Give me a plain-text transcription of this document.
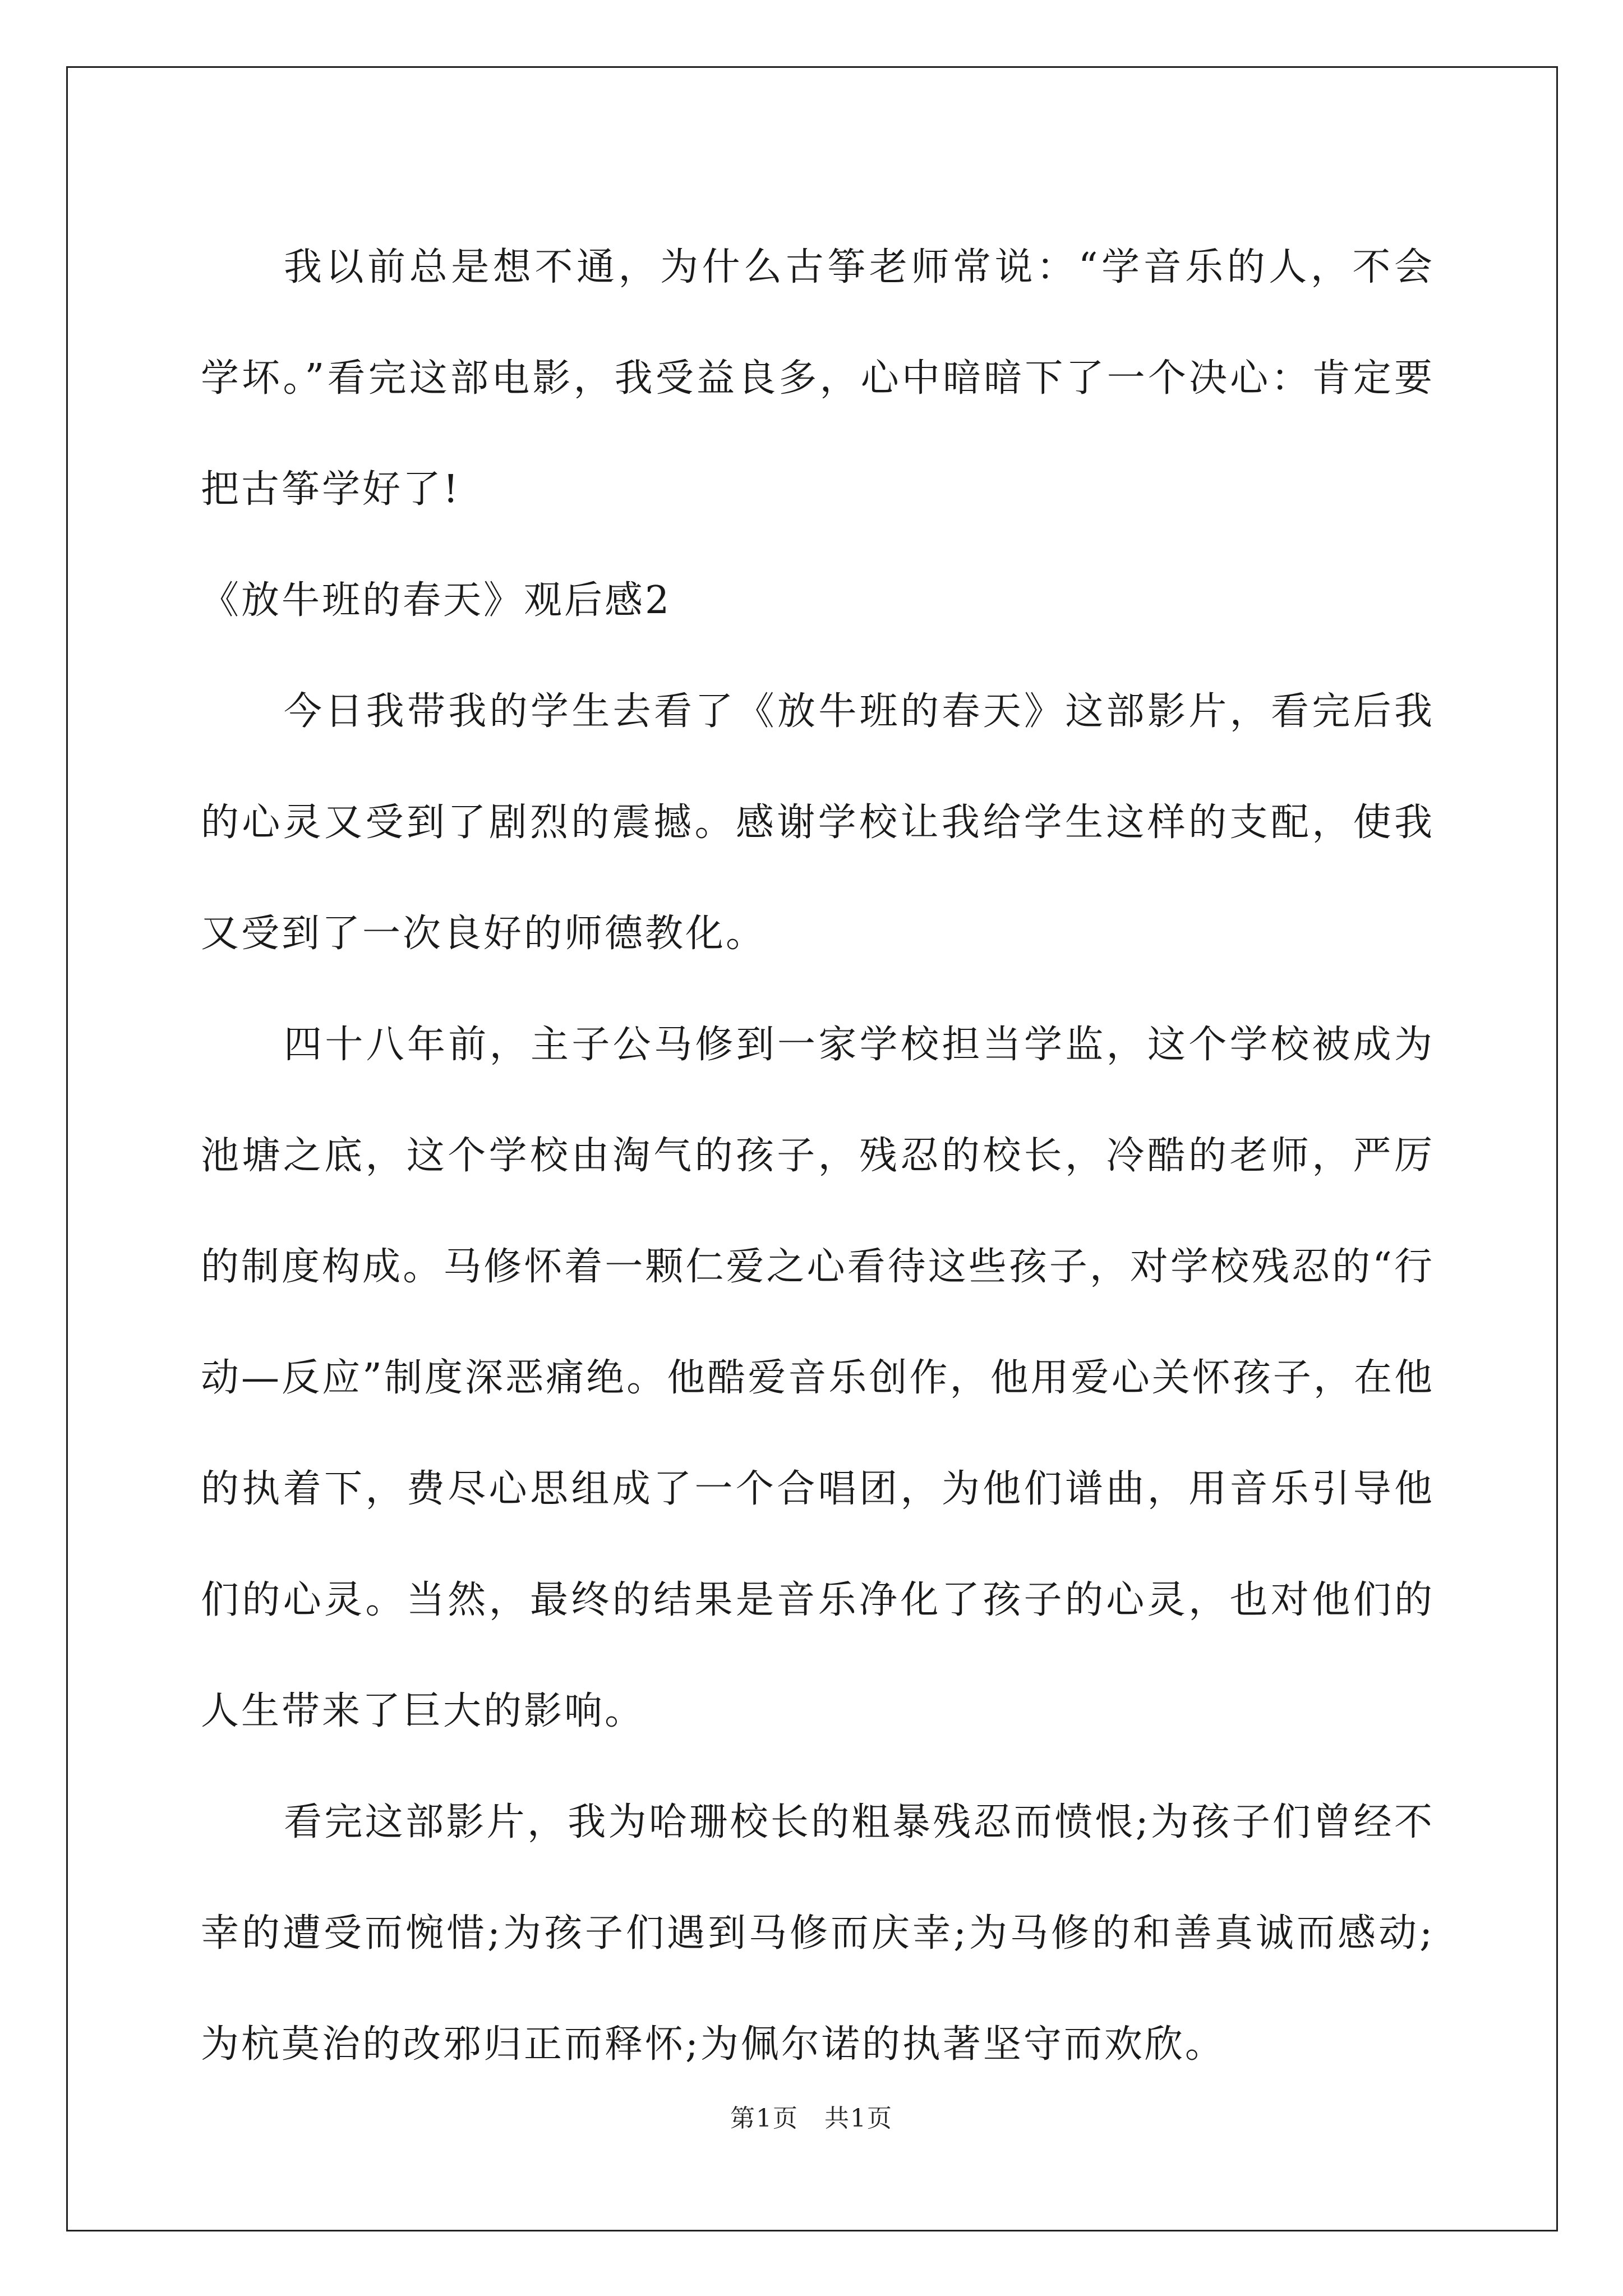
我以前总是想不通，为什么古筝老师常说：“学音乐的人，不会学坏。”看完这部电影，我受益良多，心中暗暗下了一个决心：肯定要把古筝学好了!

《放牛班的春天》观后感2

今日我带我的学生去看了《放牛班的春天》这部影片，看完后我的心灵又受到了剧烈的震撼。感谢学校让我给学生这样的支配，使我又受到了一次良好的师德教化。

四十八年前，主子公马修到一家学校担当学监，这个学校被成为池塘之底，这个学校由淘气的孩子，残忍的校长，冷酷的老师，严厉的制度构成。马修怀着一颗仁爱之心看待这些孩子，对学校残忍的“行动—反应”制度深恶痛绝。他酷爱音乐创作，他用爱心关怀孩子，在他的执着下，费尽心思组成了一个合唱团，为他们谱曲，用音乐引导他们的心灵。当然，最终的结果是音乐净化了孩子的心灵，也对他们的人生带来了巨大的影响。

看完这部影片，我为哈珊校长的粗暴残忍而愤恨;为孩子们曾经不幸的遭受而惋惜;为孩子们遇到马修而庆幸;为马修的和善真诚而感动;为杭莫治的改邪归正而释怀;为佩尔诺的执著坚守而欢欣。

第1页　共1页
